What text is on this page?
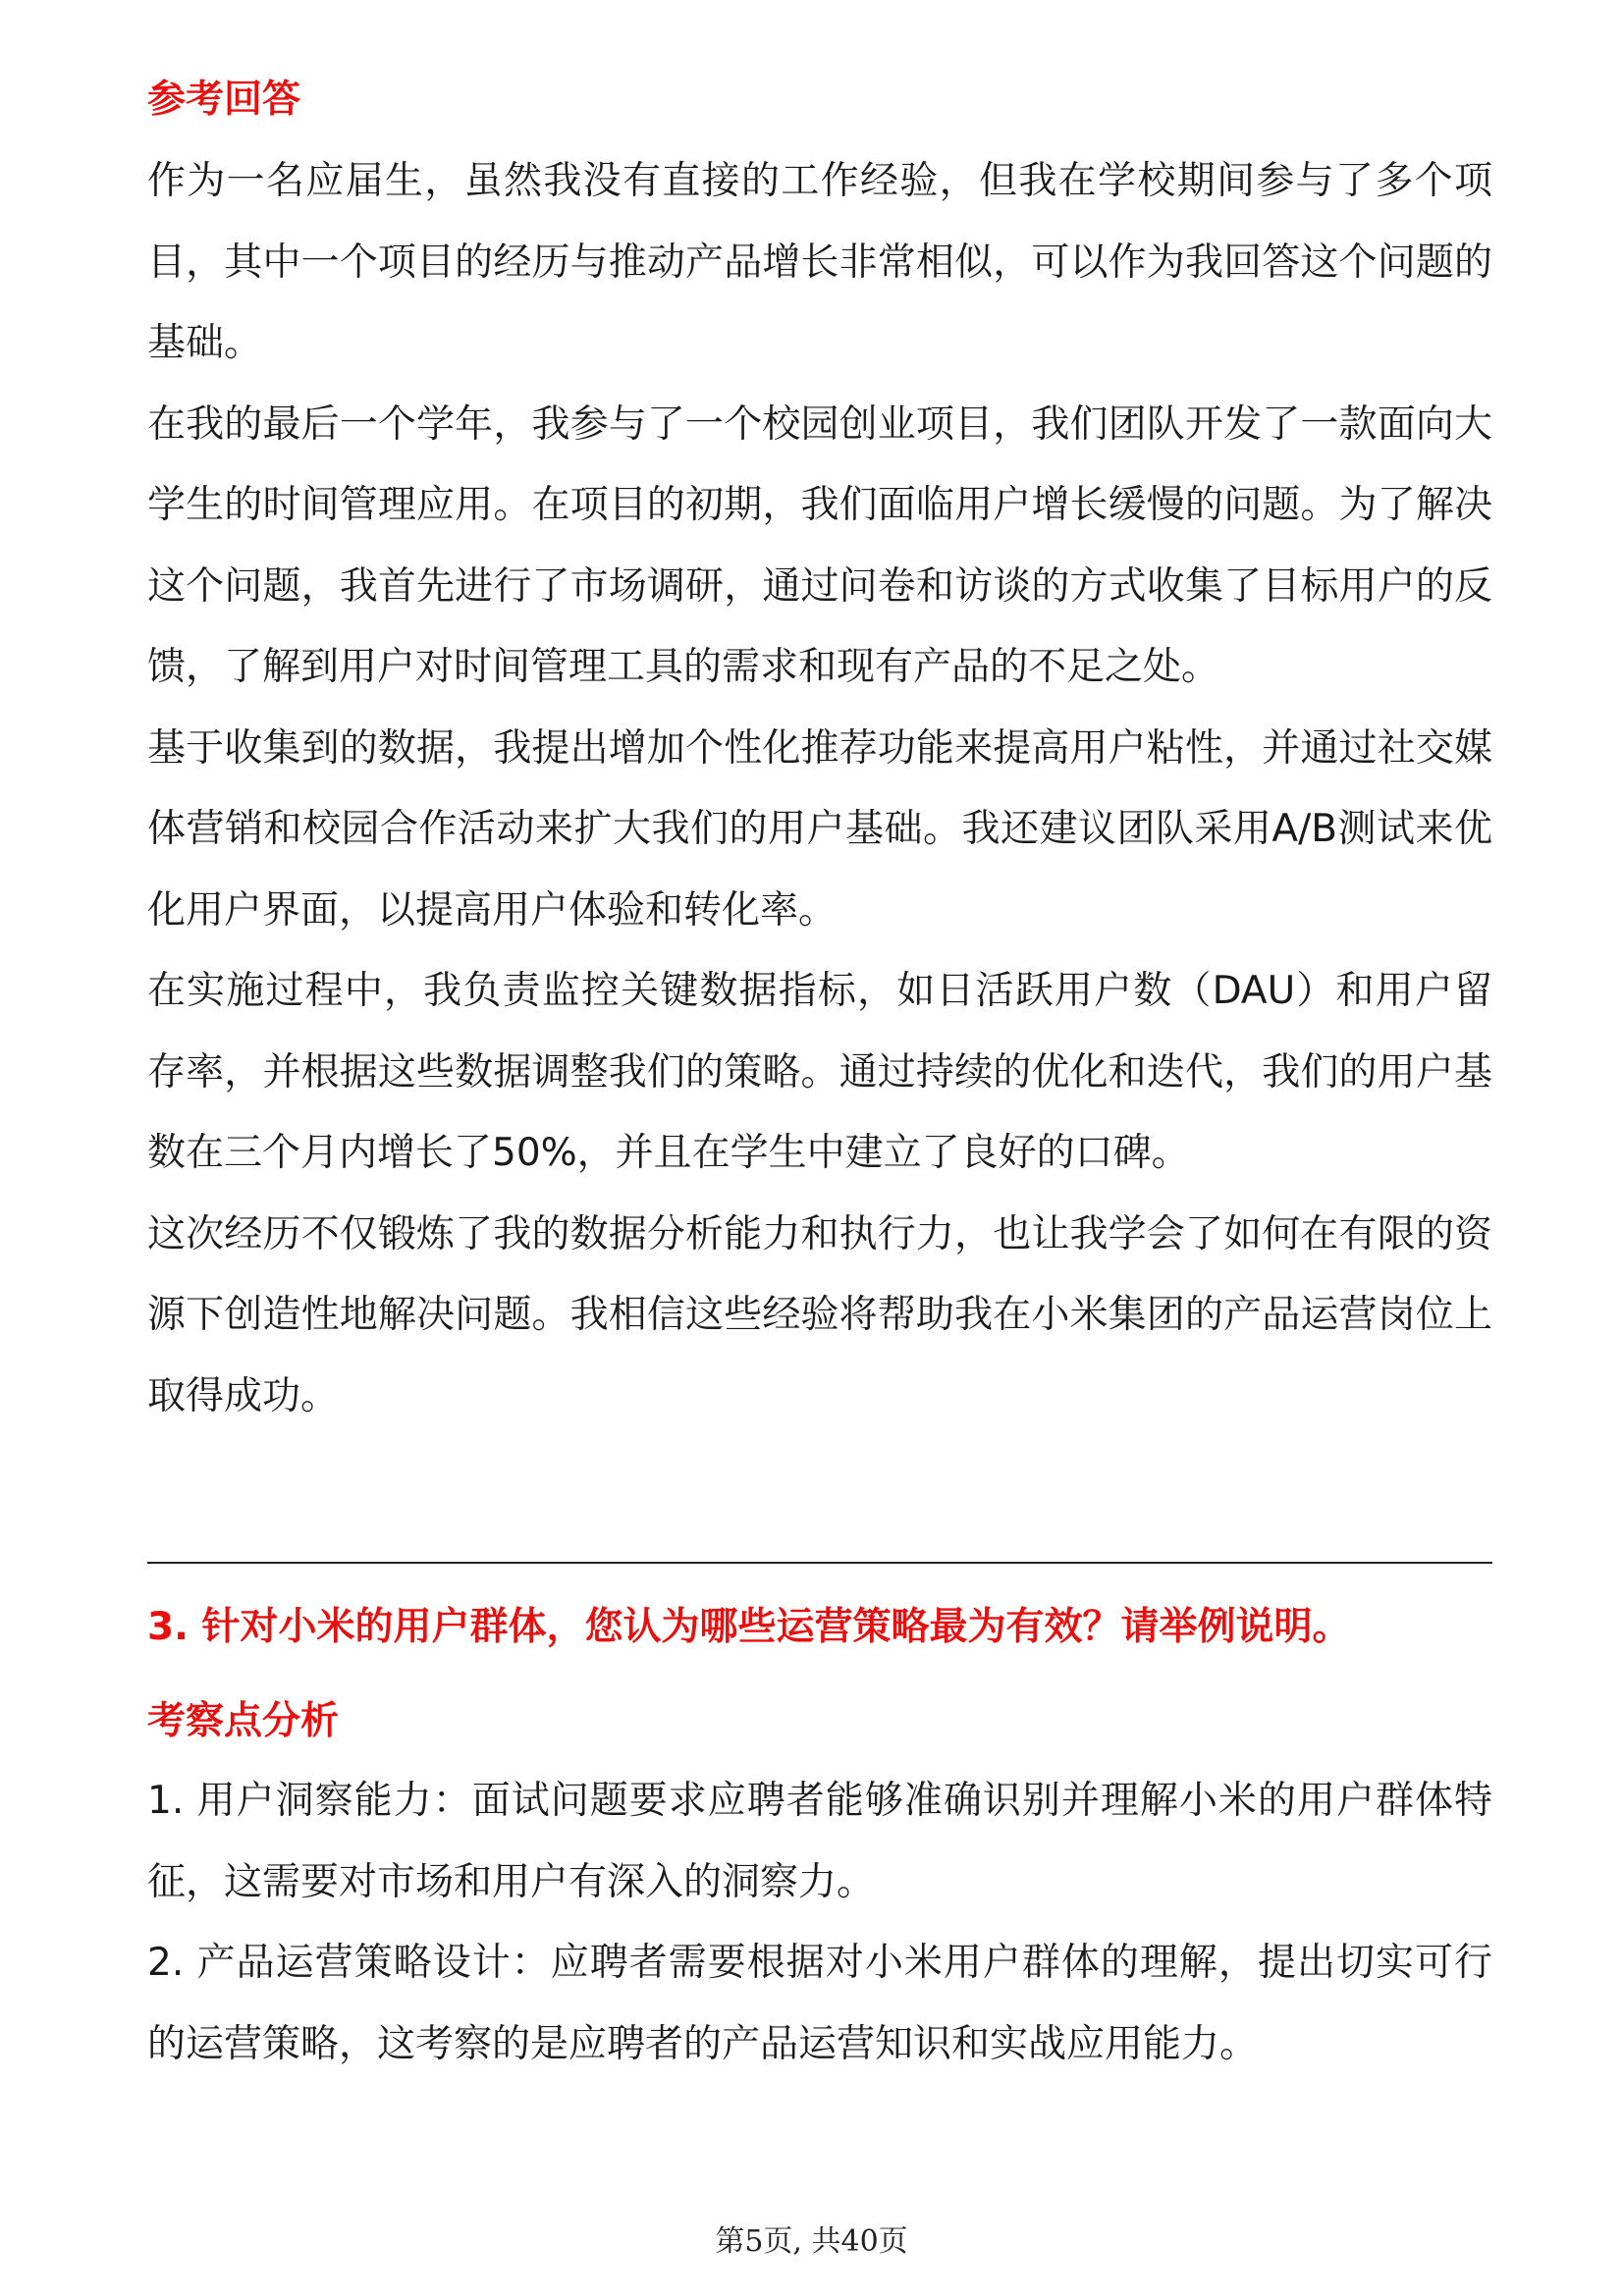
参考回答

作为一名应届生，虽然我没有直接的工作经验，但我在学校期间参与了多个项目，其中一个项目的经历与推动产品增长非常相似，可以作为我回答这个问题的基础。

在我的最后一个学年，我参与了一个校园创业项目，我们团队开发了一款面向大学生的时间管理应用。在项目的初期，我们面临用户增长缓慢的问题。为了解决这个问题，我首先进行了市场调研，通过问卷和访谈的方式收集了目标用户的反馈，了解到用户对时间管理工具的需求和现有产品的不足之处。

基于收集到的数据，我提出增加个性化推荐功能来提高用户粘性，并通过社交媒体营销和校园合作活动来扩大我们的用户基础。我还建议团队采用A/B测试来优化用户界面，以提高用户体验和转化率。

在实施过程中，我负责监控关键数据指标，如日活跃用户数（DAU）和用户留存率，并根据这些数据调整我们的策略。通过持续的优化和迭代，我们的用户基数在三个月内增长了50%，并且在学生中建立了良好的口碑。

这次经历不仅锻炼了我的数据分析能力和执行力，也让我学会了如何在有限的资源下创造性地解决问题。我相信这些经验将帮助我在小米集团的产品运营岗位上取得成功。

3. 针对小米的用户群体，您认为哪些运营策略最为有效？请举例说明。
考察点分析

1. 用户洞察能力：面试问题要求应聘者能够准确识别并理解小米的用户群体特征，这需要对市场和用户有深入的洞察力。

2. 产品运营策略设计：应聘者需要根据对小米用户群体的理解，提出切实可行的运营策略，这考察的是应聘者的产品运营知识和实战应用能力。

第5页, 共40页
